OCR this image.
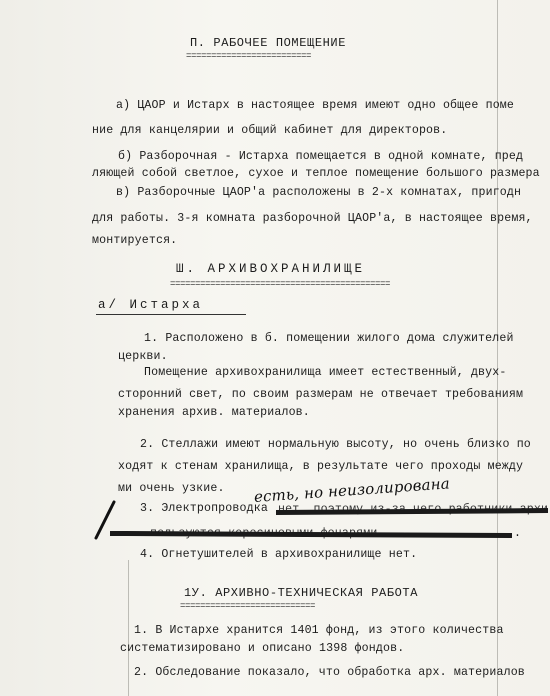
П. РАБОЧЕЕ ПОМЕЩЕНИЕ
=========================
а) ЦАОР и Истарх в настоящее время имеют одно общее поме
ние для канцелярии и общий кабинет для директоров.
б) Разборочная - Истарха помещается в одной комнате, пред
ляющей собой светлое, сухое и теплое помещение большого размера
в) Разборочные ЦАОР'а расположены в 2-х комнатах, пригодн
для работы. 3-я комната разборочной ЦАОР'а, в настоящее время,
монтируется.
Ш. АРХИВОХРАНИЛИЩЕ
============================================
а/ Истарха
1. Расположено в б. помещении жилого дома служителей
церкви.
Помещение архивохранилища имеет естественный, двух-
сторонний свет, по своим размерам не отвечает требованиям
хранения архив. материалов.
2. Стеллажи имеют нормальную высоту, но очень близко по
ходят к стенам хранилища, в результате чего проходы между
ми очень узкие.
3. Электропроводка
есть, но неизолирована
.
4. Огнетушителей в архивохранилище нет.
1У. АРХИВНО-ТЕХНИЧЕСКАЯ РАБОТА
===========================
1. В Истархе хранится 1401 фонд, из этого количества
систематизировано и описано 1398 фондов.
2. Обследование показало, что обработка арх. материалов
